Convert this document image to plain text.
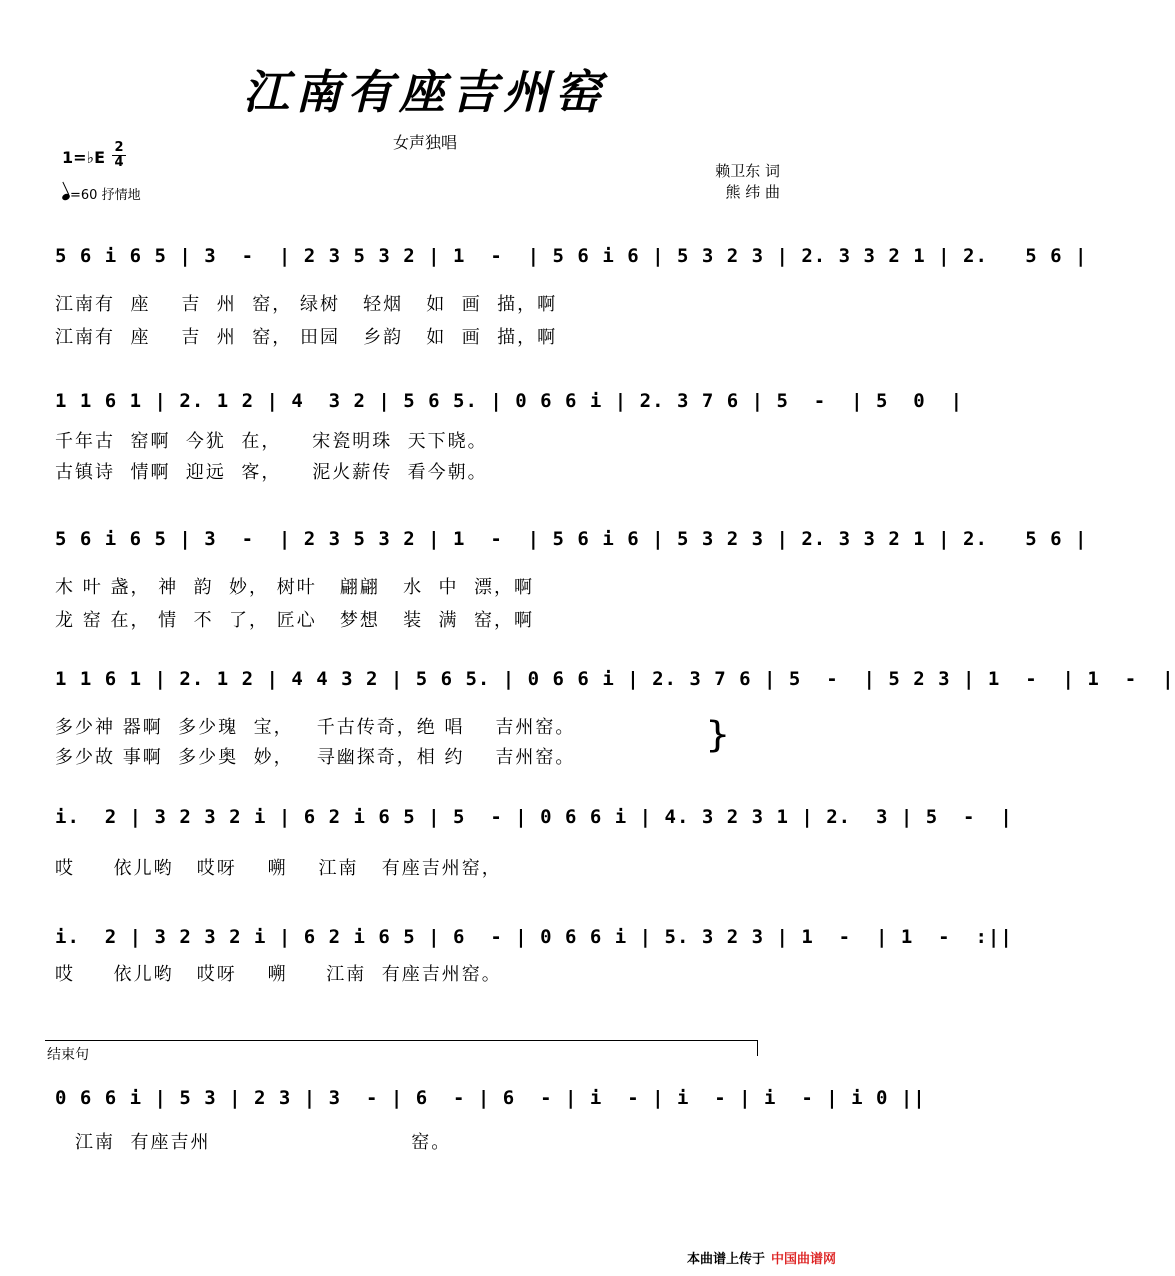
江南有座吉州窑
女声独唱
1=♭E
2
4
=60 抒情地
赖卫东 词
熊 纬 曲
5 6 i 6 5 | 3  -  | 2 3 5 3 2 | 1  -  | 5 6 i 6 | 5 3 2 3 | 2. 3 3 2 1 | 2.   5 6 |
江南有  座    吉  州  窑， 绿树   轻烟   如  画  描，啊
江南有  座    吉  州  窑， 田园   乡韵   如  画  描，啊
1 1 6 1 | 2. 1 2 | 4  3 2 | 5 6 5. | 0 6 6 i | 2. 3 7 6 | 5  -  | 5  0  |
千年古  窑啊  今犹  在，    宋瓷明珠  天下晓。
古镇诗  情啊  迎远  客，    泥火薪传  看今朝。
5 6 i 6 5 | 3  -  | 2 3 5 3 2 | 1  -  | 5 6 i 6 | 5 3 2 3 | 2. 3 3 2 1 | 2.   5 6 |
木 叶 盏， 神  韵  妙， 树叶   翩翩   水  中  漂，啊
龙 窑 在， 情  不  了， 匠心   梦想   装  满  窑，啊
1 1 6 1 | 2. 1 2 | 4 4 3 2 | 5 6 5. | 0 6 6 i | 2. 3 7 6 | 5  -  | 5 2 3 | 1  -  | 1  -  |
多少神 器啊  多少瑰  宝，   千古传奇，绝 唱    吉州窑。
多少故 事啊  多少奥  妙，   寻幽探奇，相 约    吉州窑。
}
i.  2 | 3 2 3 2 i | 6 2 i 6 5 | 5  - | 0 6 6 i | 4. 3 2 3 1 | 2.  3 | 5  -  |
哎     依儿哟   哎呀    嗍    江南   有座吉州窑，
i.  2 | 3 2 3 2 i | 6 2 i 6 5 | 6  - | 0 6 6 i | 5. 3 2 3 | 1  -  | 1  -  :||
哎     依儿哟   哎呀    嗍     江南  有座吉州窑。
结束句
0 6 6 i | 5 3 | 2 3 | 3  - | 6  - | 6  - | i  - | i  - | i  - | i 0 ||
江南  有座吉州                          窑。
本曲谱上传于 中国曲谱网
